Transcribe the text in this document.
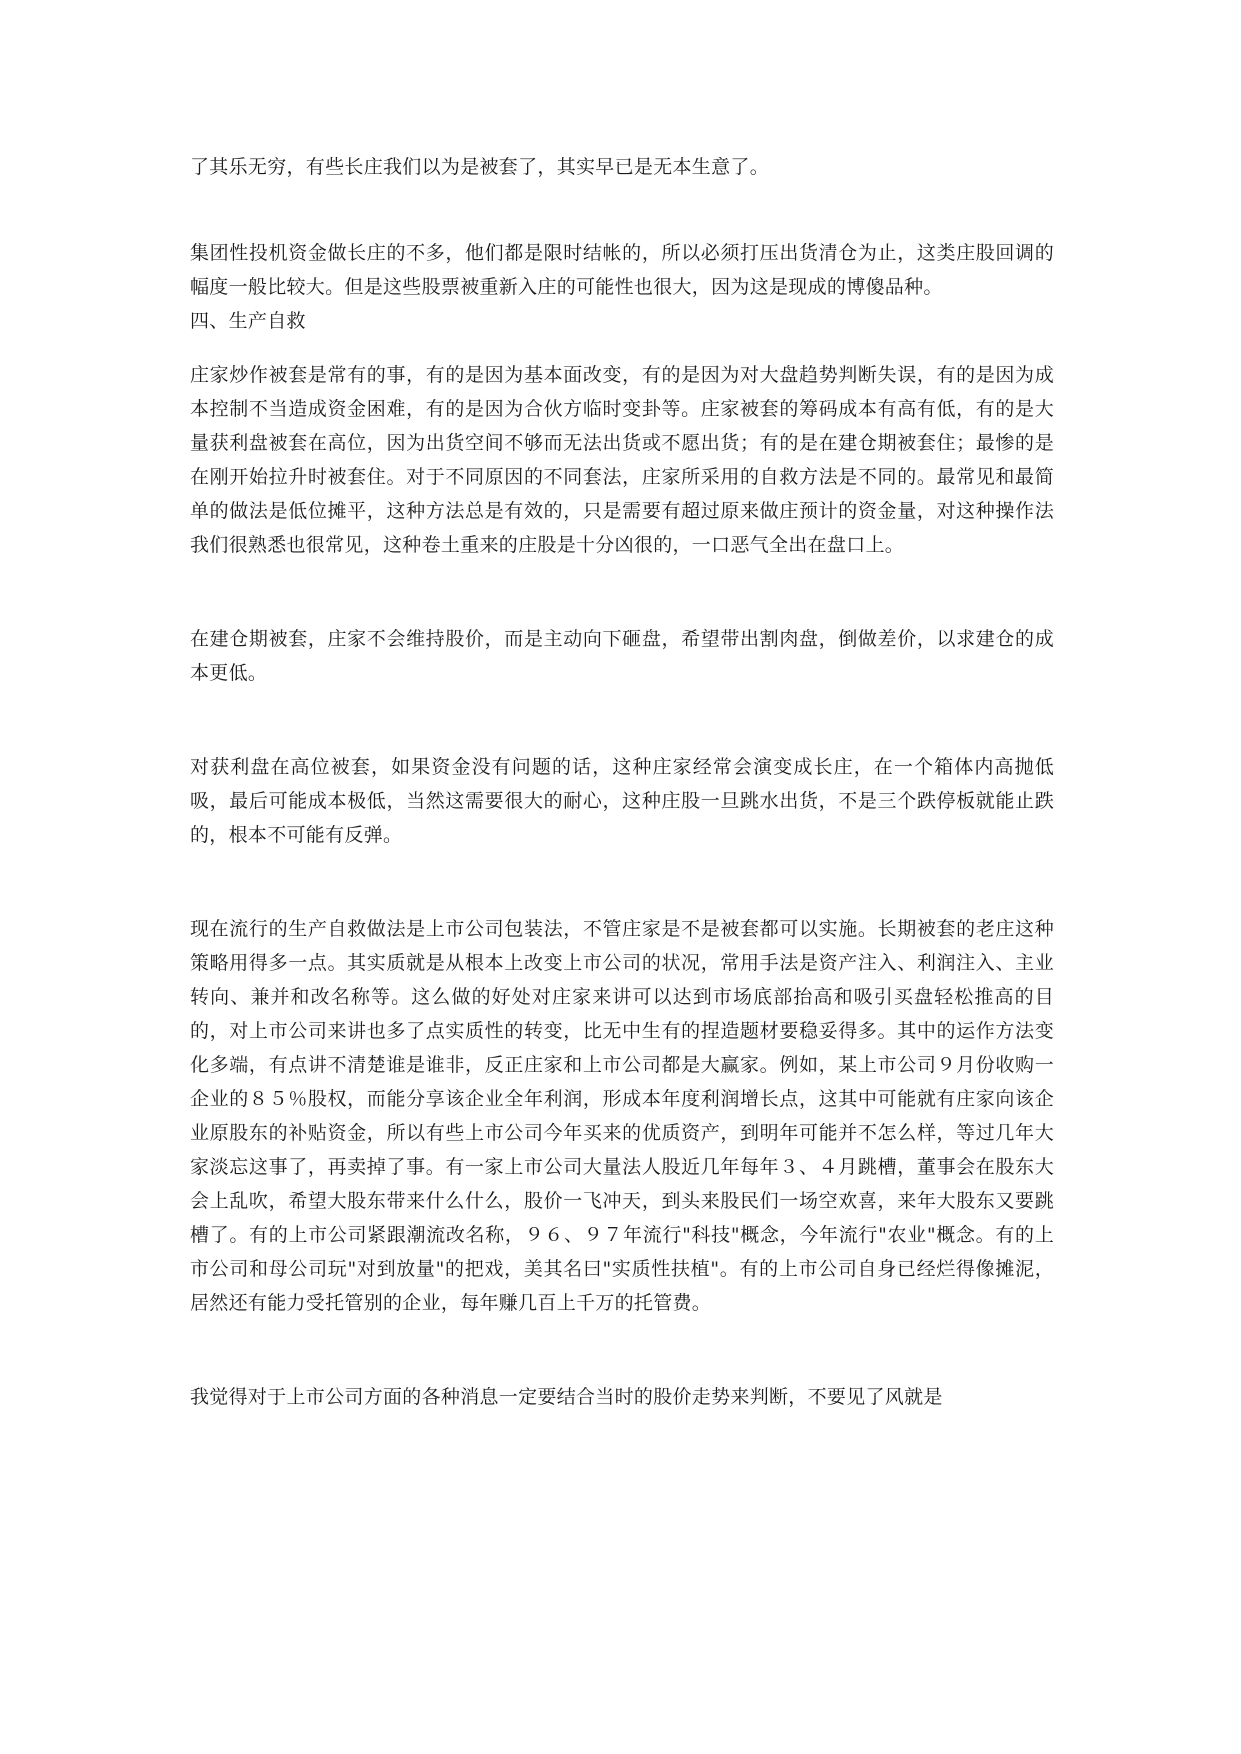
了其乐无穷，有些长庄我们以为是被套了，其实早已是无本生意了。

集团性投机资金做长庄的不多，他们都是限时结帐的，所以必须打压出货清仓为止，这类庄股回调的幅度一般比较大。但是这些股票被重新入庄的可能性也很大，因为这是现成的博傻品种。

四、生产自救

庄家炒作被套是常有的事，有的是因为基本面改变，有的是因为对大盘趋势判断失误，有的是因为成本控制不当造成资金困难，有的是因为合伙方临时变卦等。庄家被套的筹码成本有高有低，有的是大量获利盘被套在高位，因为出货空间不够而无法出货或不愿出货；有的是在建仓期被套住；最惨的是在刚开始拉升时被套住。对于不同原因的不同套法，庄家所采用的自救方法是不同的。最常见和最简单的做法是低位摊平，这种方法总是有效的，只是需要有超过原来做庄预计的资金量，对这种操作法我们很熟悉也很常见，这种卷土重来的庄股是十分凶很的，一口恶气全出在盘口上。

在建仓期被套，庄家不会维持股价，而是主动向下砸盘，希望带出割肉盘，倒做差价，以求建仓的成本更低。

对获利盘在高位被套，如果资金没有问题的话，这种庄家经常会演变成长庄，在一个箱体内高抛低吸，最后可能成本极低，当然这需要很大的耐心，这种庄股一旦跳水出货，不是三个跌停板就能止跌的，根本不可能有反弹。

现在流行的生产自救做法是上市公司包装法，不管庄家是不是被套都可以实施。长期被套的老庄这种策略用得多一点。其实质就是从根本上改变上市公司的状况，常用手法是资产注入、利润注入、主业转向、兼并和改名称等。这么做的好处对庄家来讲可以达到市场底部抬高和吸引买盘轻松推高的目的，对上市公司来讲也多了点实质性的转变，比无中生有的捏造题材要稳妥得多。其中的运作方法变化多端，有点讲不清楚谁是谁非，反正庄家和上市公司都是大赢家。例如，某上市公司９月份收购一企业的８５％股权，而能分享该企业全年利润，形成本年度利润增长点，这其中可能就有庄家向该企业原股东的补贴资金，所以有些上市公司今年买来的优质资产，到明年可能并不怎么样，等过几年大家淡忘这事了，再卖掉了事。有一家上市公司大量法人股近几年每年３、４月跳槽，董事会在股东大会上乱吹，希望大股东带来什么什么，股价一飞冲天，到头来股民们一场空欢喜，来年大股东又要跳槽了。有的上市公司紧跟潮流改名称，９６、９７年流行"科技"概念，今年流行"农业"概念。有的上市公司和母公司玩"对到放量"的把戏，美其名曰"实质性扶植"。有的上市公司自身已经烂得像摊泥，居然还有能力受托管别的企业，每年赚几百上千万的托管费。

我觉得对于上市公司方面的各种消息一定要结合当时的股价走势来判断，不要见了风就是
